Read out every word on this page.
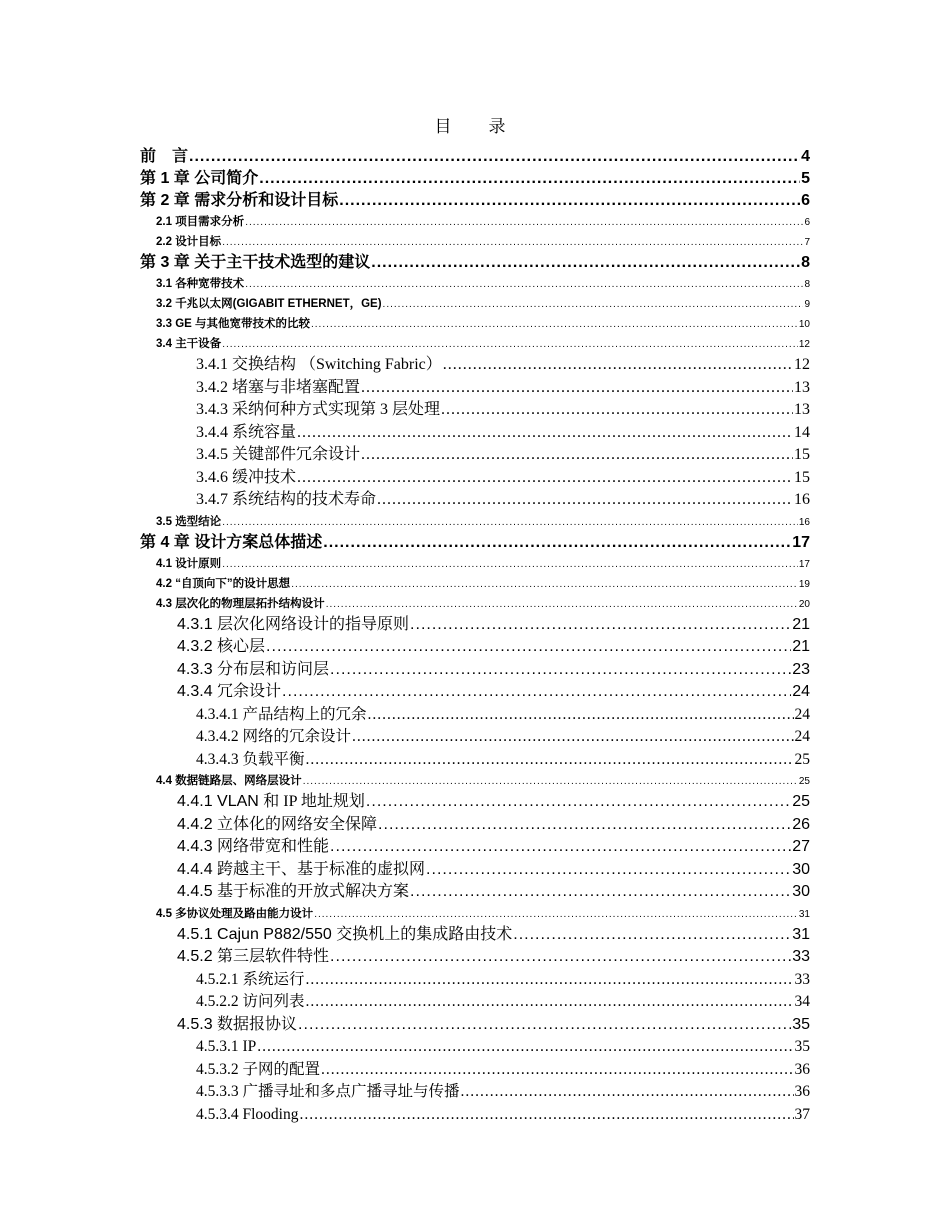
目　录
前　言 .....	4
第 1 章 公司简介 .....	5
第 2 章 需求分析和设计目标 .....	6
2.1 项目需求分析 .....	6
2.2 设计目标 .....	7
第 3 章 关于主干技术选型的建议 .....	8
3.1 各种宽带技术 .....	8
3.2 千兆以太网(GIGABIT ETHERNET，GE) .....	9
3.3 GE 与其他宽带技术的比较 .....	10
3.4 主干设备 .....	12
3.4.1 交换结构 （Switching Fabric） .....	12
3.4.2 堵塞与非堵塞配置 .....	13
3.4.3 采纳何种方式实现第 3 层处理 .....	13
3.4.4 系统容量 .....	14
3.4.5 关键部件冗余设计 .....	15
3.4.6 缓冲技术 .....	15
3.4.7 系统结构的技术寿命 .....	16
3.5 选型结论 .....	16
第 4 章 设计方案总体描述 .....	17
4.1 设计原则 .....	17
4.2 “自顶向下”的设计思想 .....	19
4.3 层次化的物理层拓扑结构设计 .....	20
4.3.1 层次化网络设计的指导原则 .....	21
4.3.2 核心层 .....	21
4.3.3 分布层和访问层 .....	23
4.3.4 冗余设计 .....	24
4.3.4.1 产品结构上的冗余 .....	24
4.3.4.2 网络的冗余设计 .....	24
4.3.4.3 负载平衡 .....	25
4.4 数据链路层、网络层设计 .....	25
4.4.1 VLAN 和 IP 地址规划 .....	25
4.4.2 立体化的网络安全保障 .....	26
4.4.3 网络带宽和性能 .....	27
4.4.4 跨越主干、基于标准的虚拟网 .....	30
4.4.5 基于标准的开放式解决方案 .....	30
4.5 多协议处理及路由能力设计 .....	31
4.5.1 Cajun P882/550 交换机上的集成路由技术 .....	31
4.5.2 第三层软件特性 .....	33
4.5.2.1 系统运行 .....	33
4.5.2.2 访问列表 .....	34
4.5.3 数据报协议 .....	35
4.5.3.1 IP .....	35
4.5.3.2 子网的配置 .....	36
4.5.3.3 广播寻址和多点广播寻址与传播 .....	36
4.5.3.4 Flooding .....	37
